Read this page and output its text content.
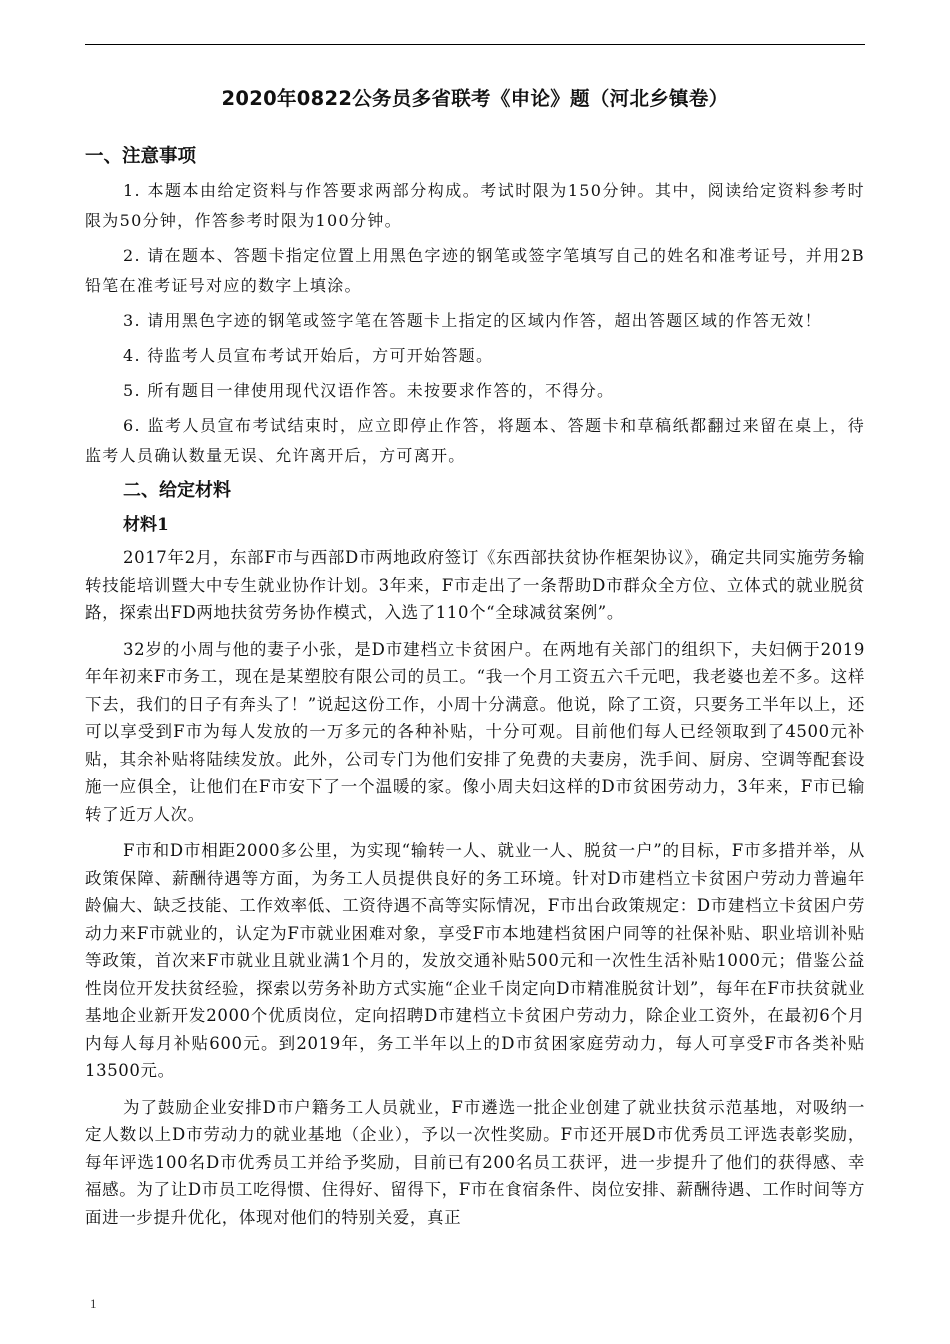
2020年0822公务员多省联考《申论》题（河北乡镇卷）
一、注意事项

1. 本题本由给定资料与作答要求两部分构成。考试时限为150分钟。其中，阅读给定资料参考时限为50分钟，作答参考时限为100分钟。

2. 请在题本、答题卡指定位置上用黑色字迹的钢笔或签字笔填写自己的姓名和准考证号，并用2B铅笔在准考证号对应的数字上填涂。

3. 请用黑色字迹的钢笔或签字笔在答题卡上指定的区域内作答，超出答题区域的作答无效！

4. 待监考人员宣布考试开始后，方可开始答题。

5. 所有题目一律使用现代汉语作答。未按要求作答的，不得分。

6. 监考人员宣布考试结束时，应立即停止作答，将题本、答题卡和草稿纸都翻过来留在桌上，待监考人员确认数量无误、允许离开后，方可离开。

二、给定材料
材料1

2017年2月，东部F市与西部D市两地政府签订《东西部扶贫协作框架协议》，确定共同实施劳务输转技能培训暨大中专生就业协作计划。3年来，F市走出了一条帮助D市群众全方位、立体式的就业脱贫路，探索出FD两地扶贫劳务协作模式，入选了110个“全球减贫案例”。

32岁的小周与他的妻子小张，是D市建档立卡贫困户。在两地有关部门的组织下，夫妇俩于2019年年初来F市务工，现在是某塑胶有限公司的员工。“我一个月工资五六千元吧，我老婆也差不多。这样下去，我们的日子有奔头了！”说起这份工作，小周十分满意。他说，除了工资，只要务工半年以上，还可以享受到F市为每人发放的一万多元的各种补贴，十分可观。目前他们每人已经领取到了4500元补贴，其余补贴将陆续发放。此外，公司专门为他们安排了免费的夫妻房，洗手间、厨房、空调等配套设施一应俱全，让他们在F市安下了一个温暖的家。像小周夫妇这样的D市贫困劳动力，3年来，F市已输转了近万人次。

F市和D市相距2000多公里，为实现“输转一人、就业一人、脱贫一户”的目标，F市多措并举，从政策保障、薪酬待遇等方面，为务工人员提供良好的务工环境。针对D市建档立卡贫困户劳动力普遍年龄偏大、缺乏技能、工作效率低、工资待遇不高等实际情况，F市出台政策规定：D市建档立卡贫困户劳动力来F市就业的，认定为F市就业困难对象，享受F市本地建档贫困户同等的社保补贴、职业培训补贴等政策，首次来F市就业且就业满1个月的，发放交通补贴500元和一次性生活补贴1000元；借鉴公益性岗位开发扶贫经验，探索以劳务补助方式实施“企业千岗定向D市精准脱贫计划”，每年在F市扶贫就业基地企业新开发2000个优质岗位，定向招聘D市建档立卡贫困户劳动力，除企业工资外，在最初6个月内每人每月补贴600元。到2019年，务工半年以上的D市贫困家庭劳动力，每人可享受F市各类补贴13500元。

为了鼓励企业安排D市户籍务工人员就业，F市遴选一批企业创建了就业扶贫示范基地，对吸纳一定人数以上D市劳动力的就业基地（企业），予以一次性奖励。F市还开展D市优秀员工评选表彰奖励，每年评选100名D市优秀员工并给予奖励，目前已有200名员工获评，进一步提升了他们的获得感、幸福感。为了让D市员工吃得惯、住得好、留得下，F市在食宿条件、岗位安排、薪酬待遇、工作时间等方面进一步提升优化，体现对他们的特别关爱，真正

1
